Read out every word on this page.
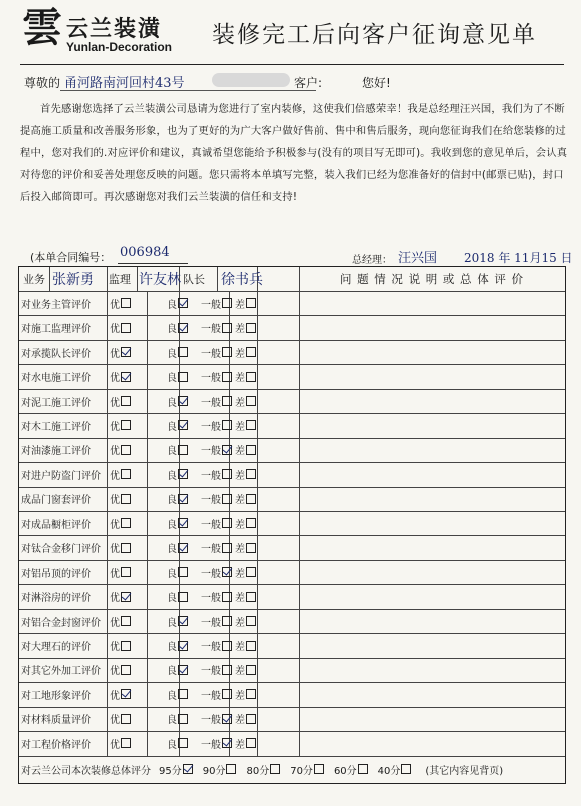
雲 云兰装潢
Yunlan-Decoration 装修完工后向客户征询意见单
尊敬的 甬河路南河回村43号	客户:	您好!

首先感谢您选择了云兰装潢公司恳请为您进行了室内装修，这使我们倍感荣幸！我是总经理汪兴国，我们为了不断提高施工质量和改善服务形象，也为了更好的为广大客户做好售前、售中和售后服务，现向您征询我们在给您装修的过程中，您对我们的.对应评价和建议，真诚希望您能给予积极参与(没有的项目写无即可)。我收到您的意见单后，会认真对待您的评价和妥善处理您反映的问题。您只需将本单填写完整，装入我们已经为您准备好的信封中(邮票已贴)，封口后投入邮筒即可。再次感谢您对我们云兰装潢的信任和支持!

(本单合同编号： 006984
总经理： 汪兴国 2018 年 11月15 日
业务 张新勇	监理 许友林 队长	徐书兵	问 题 情 况 说 明 或 总 体 评 价
对业务主管评价	优	良 一般 差
对施工监理评价	优	良 一般 差
对承揽队长评价	优	良 一般 差
对水电施工评价	优	良 一般 差
对泥工施工评价	优	良 一般 差
对木工施工评价	优	良 一般 差
对油漆施工评价	优	良 一般 差
对进户防盗门评价 优	良 一般 差
成品门窗套评价	优	良 一般 差
对成品橱柜评价	优	良 一般 差
对钛合金移门评价 优	良 一般 差
对铝吊顶的评价	优	良 一般 差
对淋浴房的评价	优	良 一般 差
对铝合金封窗评价 优	良 一般 差
对大理石的评价	优	良 一般 差
对其它外加工评价 优	良 一般 差
对工地形象评价	优	良 一般 差
对材料质量评价	优	良 一般 差
对工程价格评价	优	良 一般 差
对云兰公司本次装修总体评分 95分 90分 80分 70分 60分 40分	(其它内容见背页)
